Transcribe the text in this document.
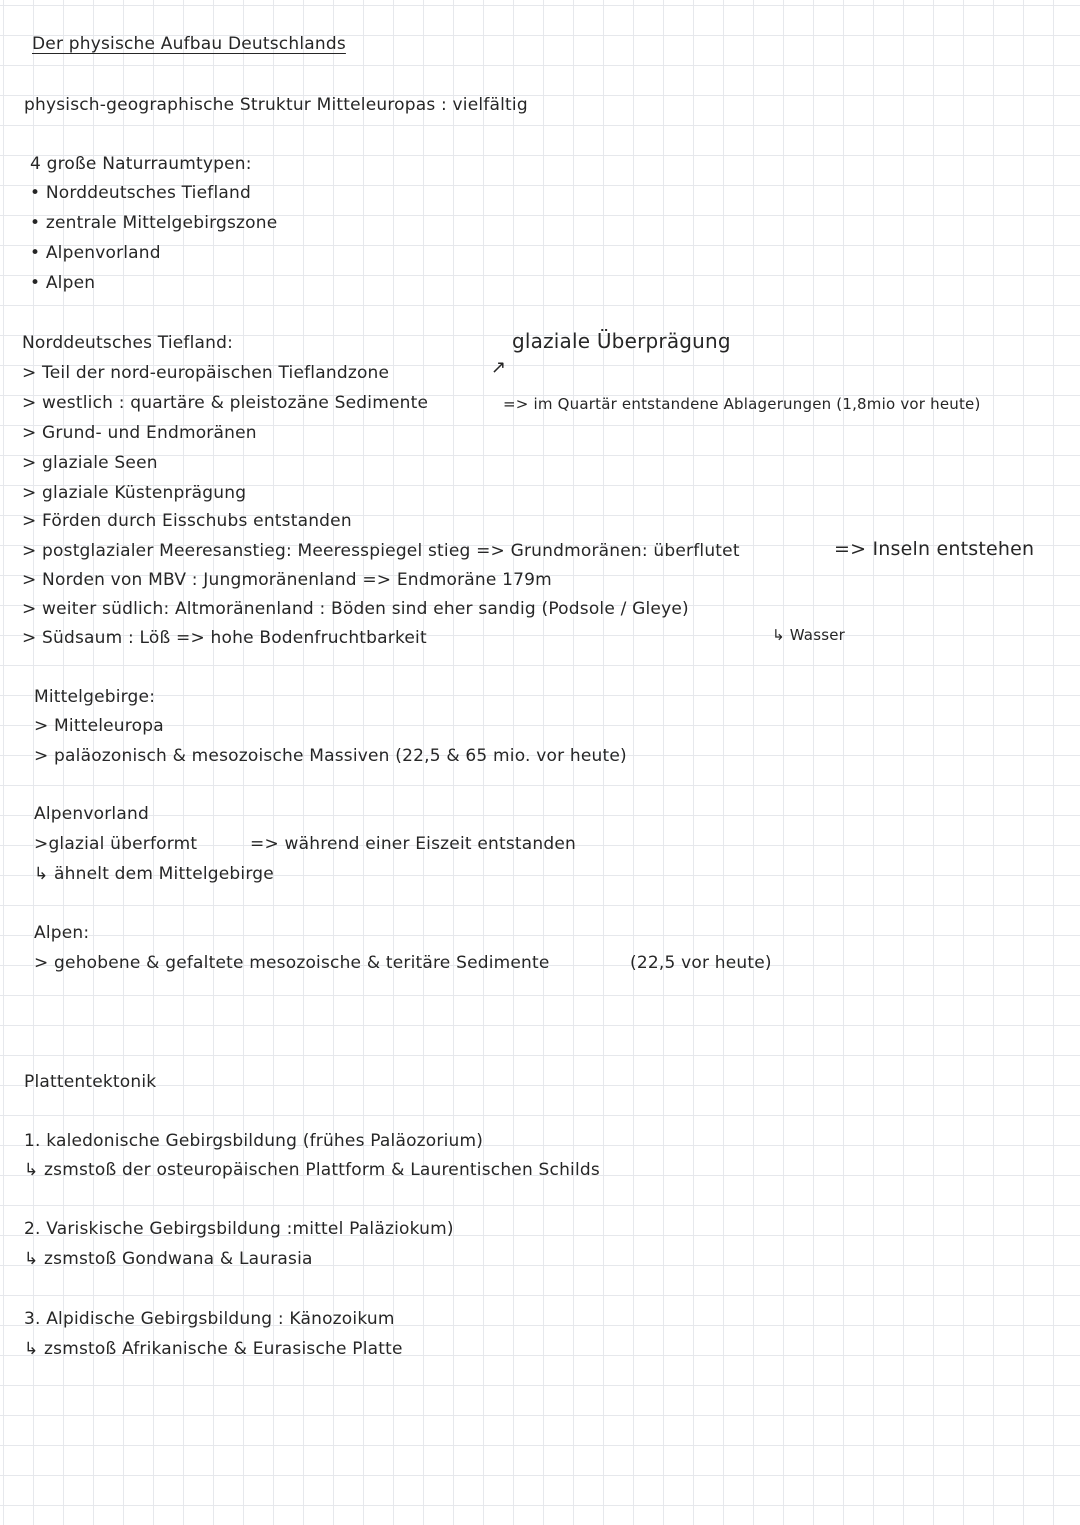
Der physische Aufbau Deutschlands
physisch-geographische Struktur Mitteleuropas : vielfältig
4 große Naturraumtypen:
• Norddeutsches Tiefland
• zentrale Mittelgebirgszone
• Alpenvorland
• Alpen
Norddeutsches Tiefland:	glaziale Überprägung
↗
> Teil der nord-europäischen Tieflandzone
> westlich : quartäre & pleistozäne Sedimente	=> im Quartär entstandene Ablagerungen (1,8mio vor heute)
> Grund- und Endmoränen
> glaziale Seen
> glaziale Küstenprägung
> Förden durch Eisschubs entstanden
> postglazialer Meeresanstieg: Meeresspiegel stieg => Grundmoränen: überflutet	=> Inseln entstehen
> Norden von MBV : Jungmoränenland => Endmoräne 179m
> weiter südlich: Altmoränenland : Böden sind eher sandig (Podsole / Gleye)
↳ Wasser
> Südsaum : Löß => hohe Bodenfruchtbarkeit
Mittelgebirge:
> Mitteleuropa
> paläozonisch & mesozoische Massiven (22,5 & 65 mio. vor heute)
Alpenvorland
>glazial überformt	=> während einer Eiszeit entstanden
↳ ähnelt dem Mittelgebirge
Alpen:
> gehobene & gefaltete mesozoische & teritäre Sedimente	(22,5 vor heute)
Plattentektonik
1. kaledonische Gebirgsbildung (frühes Paläozorium)
↳ zsmstoß der osteuropäischen Plattform & Laurentischen Schilds
2. Variskische Gebirgsbildung :mittel Paläziokum)
↳ zsmstoß Gondwana & Laurasia
3. Alpidische Gebirgsbildung : Känozoikum
↳ zsmstoß Afrikanische & Eurasische Platte
